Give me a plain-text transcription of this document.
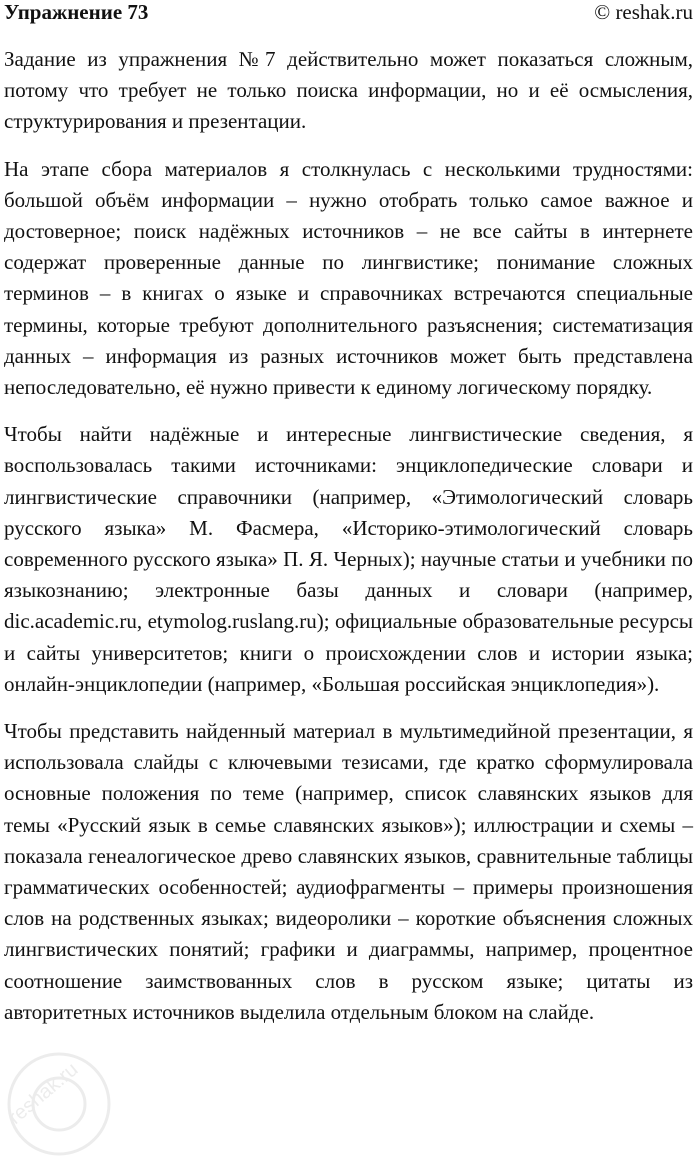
Упражнение 73	© reshak.ru

Задание из упражнения №7 действительно может показаться сложным, потому что требует не только поиска информации, но и её осмысления, структурирования и презентации.

На этапе сбора материалов я столкнулась с несколькими трудностями: большой объём информации – нужно отобрать только самое важное и достоверное; поиск надёжных источников – не все сайты в интернете содержат проверенные данные по лингвистике; понимание сложных терминов – в книгах о языке и справочниках встречаются специальные термины, которые требуют дополнительного разъяснения; систематизация данных – информация из разных источников может быть представлена непоследовательно, её нужно привести к единому логическому порядку.

Чтобы найти надёжные и интересные лингвистические сведения, я воспользовалась такими источниками: энциклопедические словари и лингвистические справочники (например, «Этимологический словарь русского языка» М. Фасмера, «Историко-этимологический словарь современного русского языка» П. Я. Черных); научные статьи и учебники по языкознанию; электронные базы данных и словари (например, dic.academic.ru, etymolog.ruslang.ru); официальные образовательные ресурсы и сайты университетов; книги о происхождении слов и истории языка; онлайн-энциклопедии (например, «Большая российская энциклопедия»).

Чтобы представить найденный материал в мультимедийной презентации, я использовала слайды с ключевыми тезисами, где кратко сформулировала основные положения по теме (например, список славянских языков для темы «Русский язык в семье славянских языков»); иллюстрации и схемы – показала генеалогическое древо славянских языков, сравнительные таблицы грамматических особенностей; аудиофрагменты – примеры произношения слов на родственных языках; видеоролики – короткие объяснения сложных лингвистических понятий; графики и диаграммы, например, процентное соотношение заимствованных слов в русском языке; цитаты из авторитетных источников выделила отдельным блоком на слайде.

reshak.ru
